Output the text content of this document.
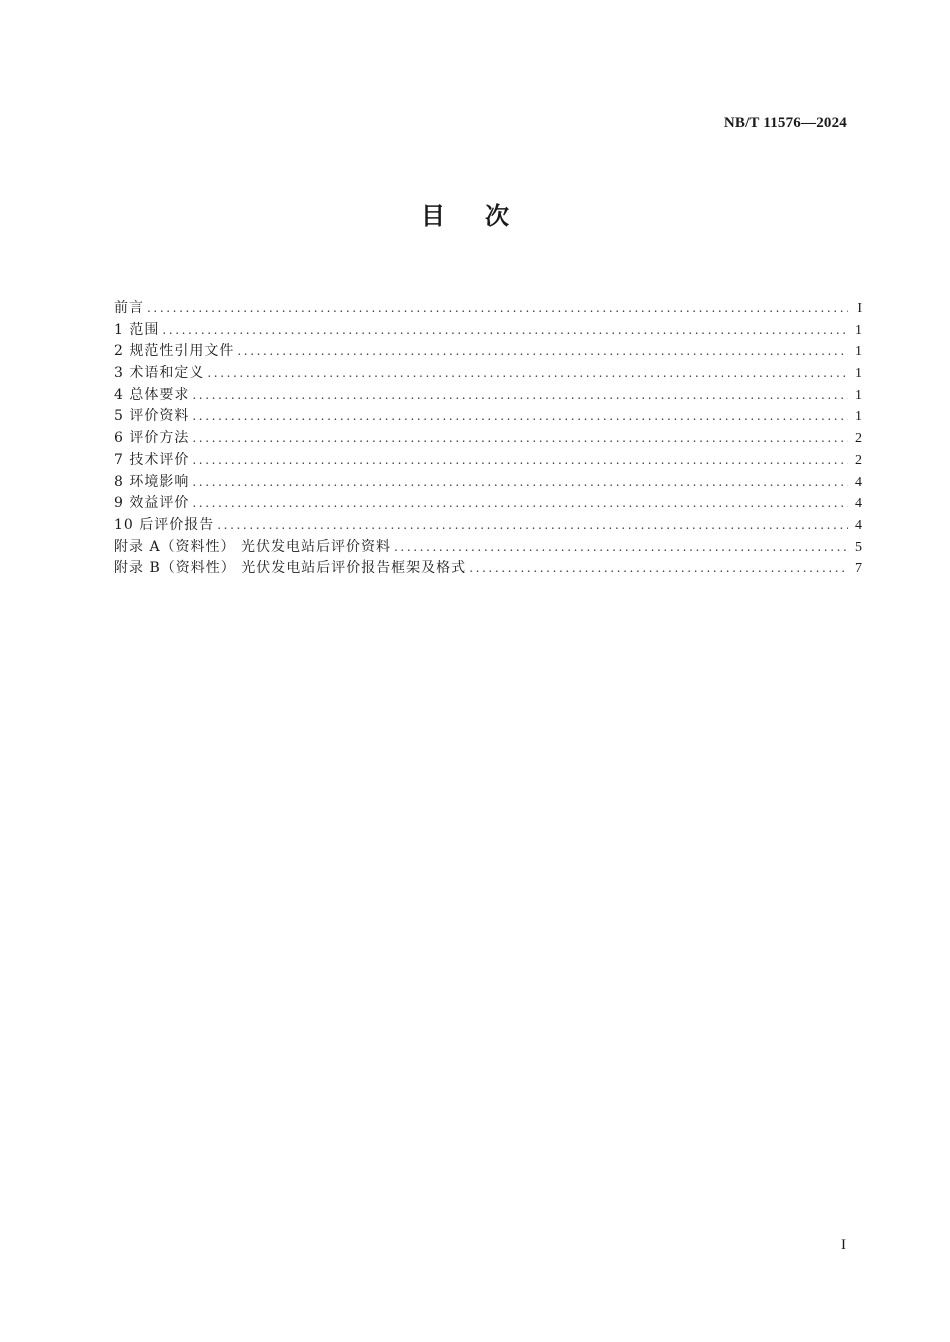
NB/T 11576—2024
目次
前言 .....	I
1 范围 .....	1
2 规范性引用文件 .....	1
3 术语和定义 .....	1
4 总体要求 .....	1
5 评价资料 .....	1
6 评价方法 .....	2
7 技术评价 .....	2
8 环境影响 .....	4
9 效益评价 .....	4
10 后评价报告 .....	4
附录 A（资料性） 光伏发电站后评价资料 .....	5
附录 B（资料性） 光伏发电站后评价报告框架及格式 .....	7
I
